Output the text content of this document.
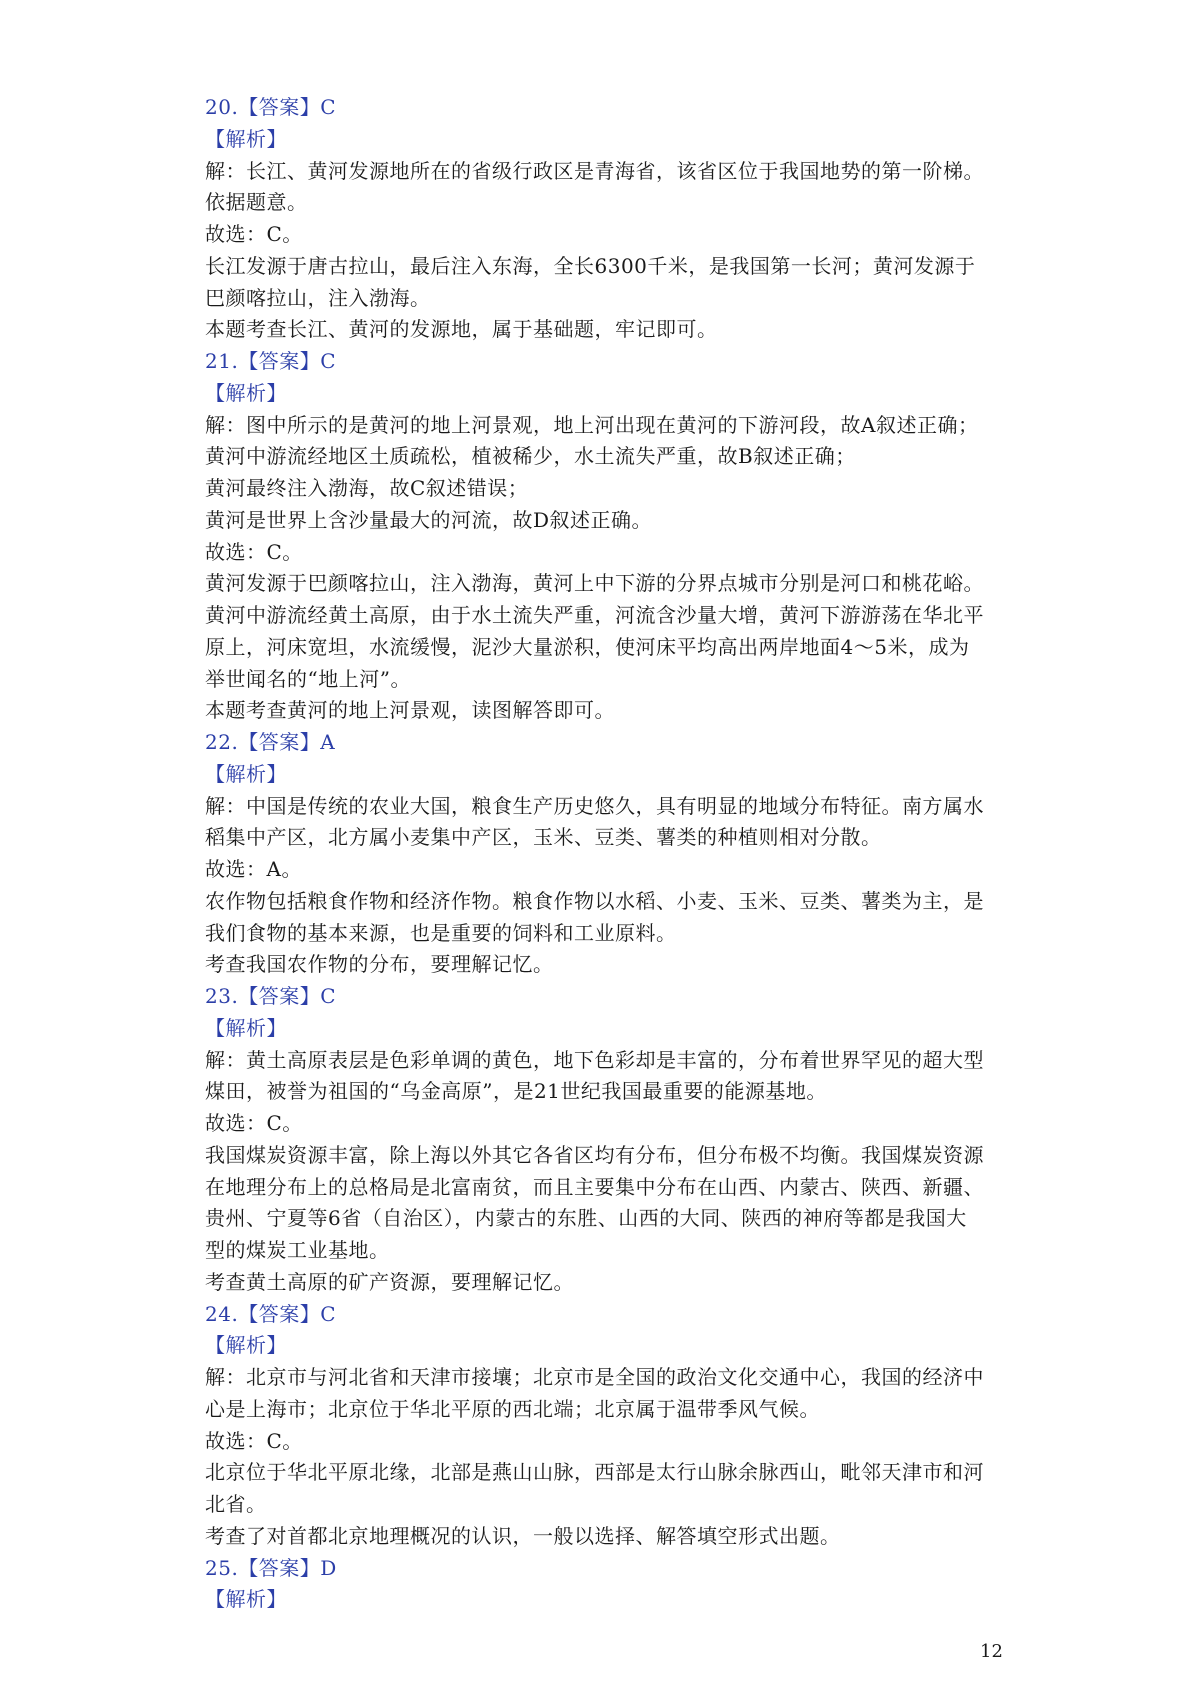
20.【答案】C
【解析】
解：长江、黄河发源地所在的省级行政区是青海省，该省区位于我国地势的第一阶梯。
依据题意。
故选：C。
长江发源于唐古拉山，最后注入东海，全长6300千米，是我国第一长河；黄河发源于
巴颜喀拉山，注入渤海。
本题考查长江、黄河的发源地，属于基础题，牢记即可。
21.【答案】C
【解析】
解：图中所示的是黄河的地上河景观，地上河出现在黄河的下游河段，故A叙述正确；
黄河中游流经地区土质疏松，植被稀少，水土流失严重，故B叙述正确；
黄河最终注入渤海，故C叙述错误；
黄河是世界上含沙量最大的河流，故D叙述正确。
故选：C。
黄河发源于巴颜喀拉山，注入渤海，黄河上中下游的分界点城市分别是河口和桃花峪。
黄河中游流经黄土高原，由于水土流失严重，河流含沙量大增，黄河下游游荡在华北平
原上，河床宽坦，水流缓慢，泥沙大量淤积，使河床平均高出两岸地面4～5米，成为
举世闻名的“地上河”。
本题考查黄河的地上河景观，读图解答即可。
22.【答案】A
【解析】
解：中国是传统的农业大国，粮食生产历史悠久，具有明显的地域分布特征。南方属水
稻集中产区，北方属小麦集中产区，玉米、豆类、薯类的种植则相对分散。
故选：A。
农作物包括粮食作物和经济作物。粮食作物以水稻、小麦、玉米、豆类、薯类为主，是
我们食物的基本来源，也是重要的饲料和工业原料。
考查我国农作物的分布，要理解记忆。
23.【答案】C
【解析】
解：黄土高原表层是色彩单调的黄色，地下色彩却是丰富的，分布着世界罕见的超大型
煤田，被誉为祖国的“乌金高原”，是21世纪我国最重要的能源基地。
故选：C。
我国煤炭资源丰富，除上海以外其它各省区均有分布，但分布极不均衡。我国煤炭资源
在地理分布上的总格局是北富南贫，而且主要集中分布在山西、内蒙古、陕西、新疆、
贵州、宁夏等6省（自治区），内蒙古的东胜、山西的大同、陕西的神府等都是我国大
型的煤炭工业基地。
考查黄土高原的矿产资源，要理解记忆。
24.【答案】C
【解析】
解：北京市与河北省和天津市接壤；北京市是全国的政治文化交通中心，我国的经济中
心是上海市；北京位于华北平原的西北端；北京属于温带季风气候。
故选：C。
北京位于华北平原北缘，北部是燕山山脉，西部是太行山脉余脉西山，毗邻天津市和河
北省。
考查了对首都北京地理概况的认识，一般以选择、解答填空形式出题。
25.【答案】D
【解析】
12
